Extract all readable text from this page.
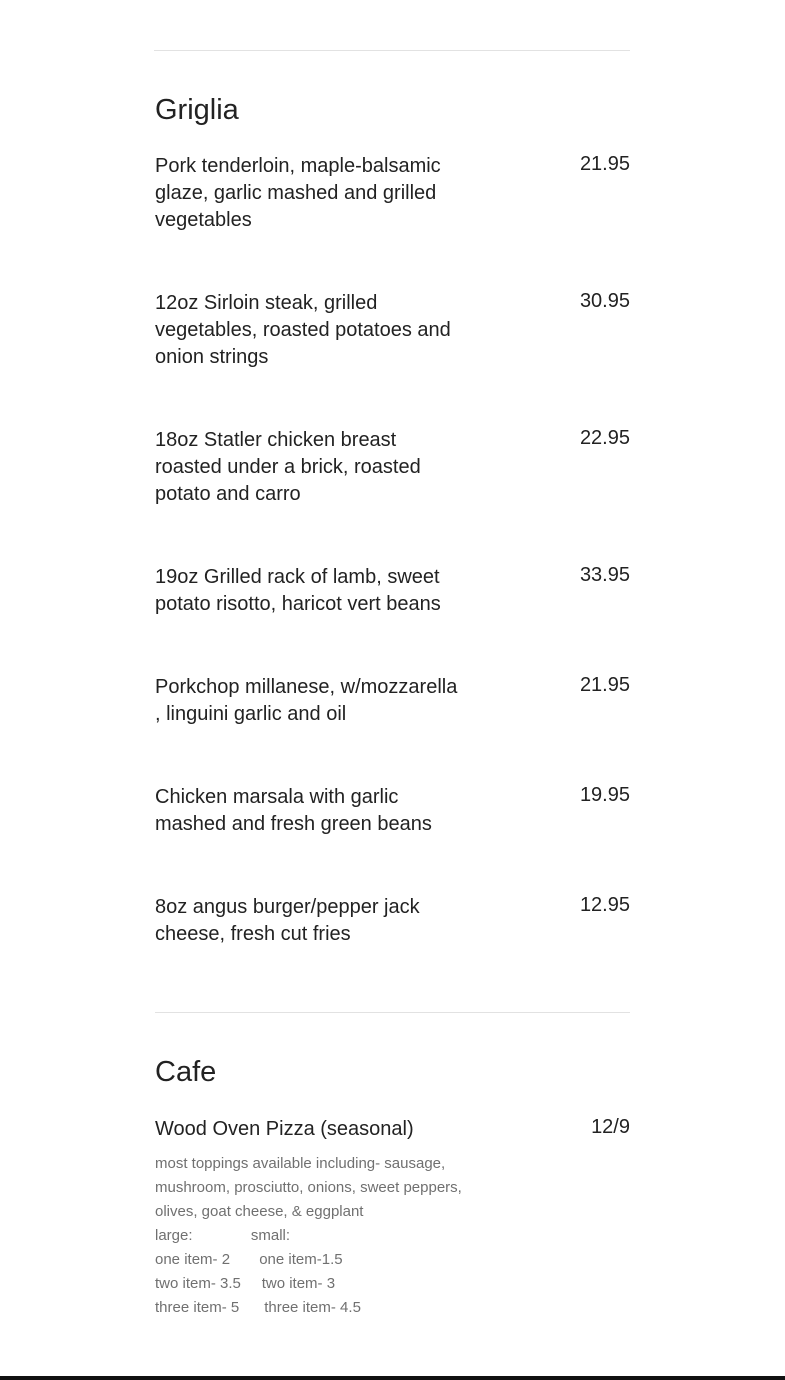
Griglia
Pork tenderloin, maple-balsamic glaze, garlic mashed and grilled vegetables
21.95
12oz Sirloin steak, grilled vegetables, roasted potatoes and onion strings
30.95
18oz Statler chicken breast roasted under a brick, roasted potato and carro
22.95
19oz Grilled rack of lamb, sweet potato risotto, haricot vert beans
33.95
Porkchop millanese, w/mozzarella , linguini garlic and oil
21.95
Chicken marsala with garlic mashed and fresh green beans
19.95
8oz angus burger/pepper jack cheese, fresh cut fries
12.95
Cafe
Wood Oven Pizza (seasonal)
most toppings available including- sausage,
mushroom, prosciutto, onions, sweet peppers,
olives, goat cheese, & eggplant
large:              small:
one item- 2       one item-1.5
two item- 3.5     two item- 3
three item- 5      three item- 4.5
12/9
